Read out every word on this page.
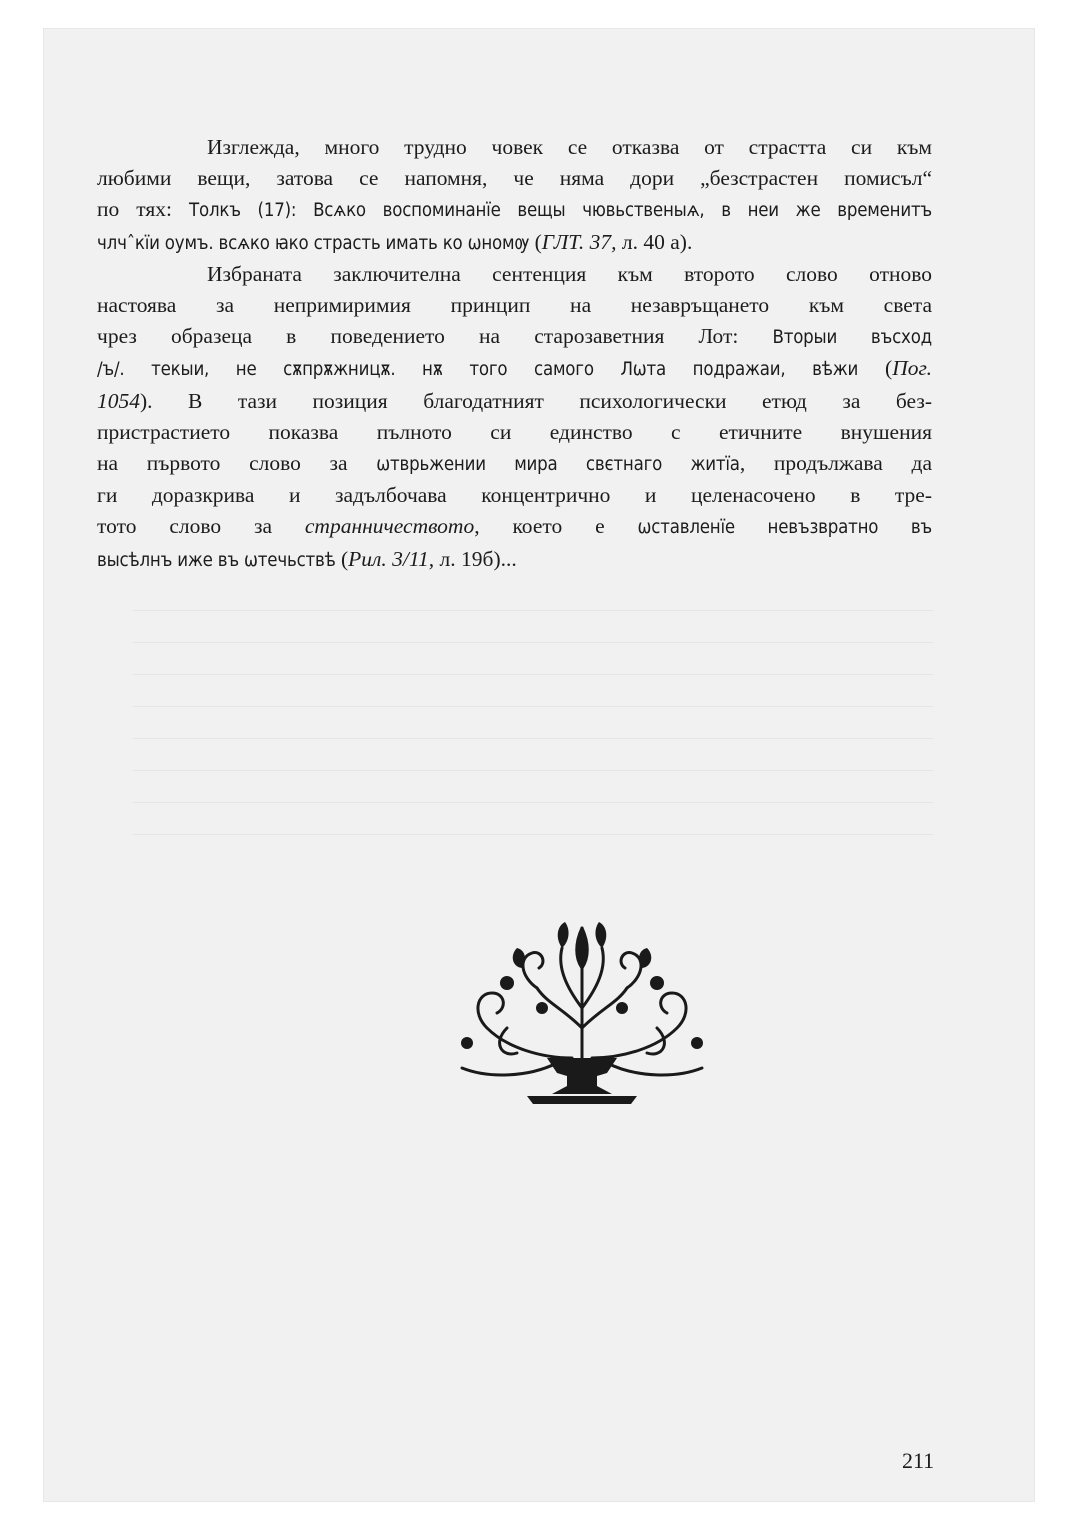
Изглежда, много трудно човек се отказва от страстта си към
любими вещи, затова се напомня, че няма дори „безстрастен помисъл“
по тях: Толкъ (17): Всѧко воспоминанїе вещы чювьственыѧ, в неи же временитъ
члчˆкїи оумъ. всѧко ꙗко страсть имать ко ωномѹ (ГЛТ. 37, л. 40 а).

Избраната заключителна сентенция към второто слово отново
настоява за непримиримия принцип на незавръщането към света
чрез образеца в поведението на старозаветния Лот: Вторыи въсход
/ъ/. текыи, не сѫпрѫжницѫ. нѫ того самого Лωта подражаи, вѣжи (Пог.
1054). В тази позиция благодатният психологически етюд за без-
пристрастието показва пълното си единство с етичните внушения
на първото слово за ωтврьжении мира свєтнаго житїа, продължава да
ги доразкрива и задълбочава концентрично и целенасочено в тре-
тото слово за странничеството, което е ωставленїе невъзвратно въ
высѣлнъ иже въ ωтечьствѣ (Рил. 3/11, л. 19б)...

211
